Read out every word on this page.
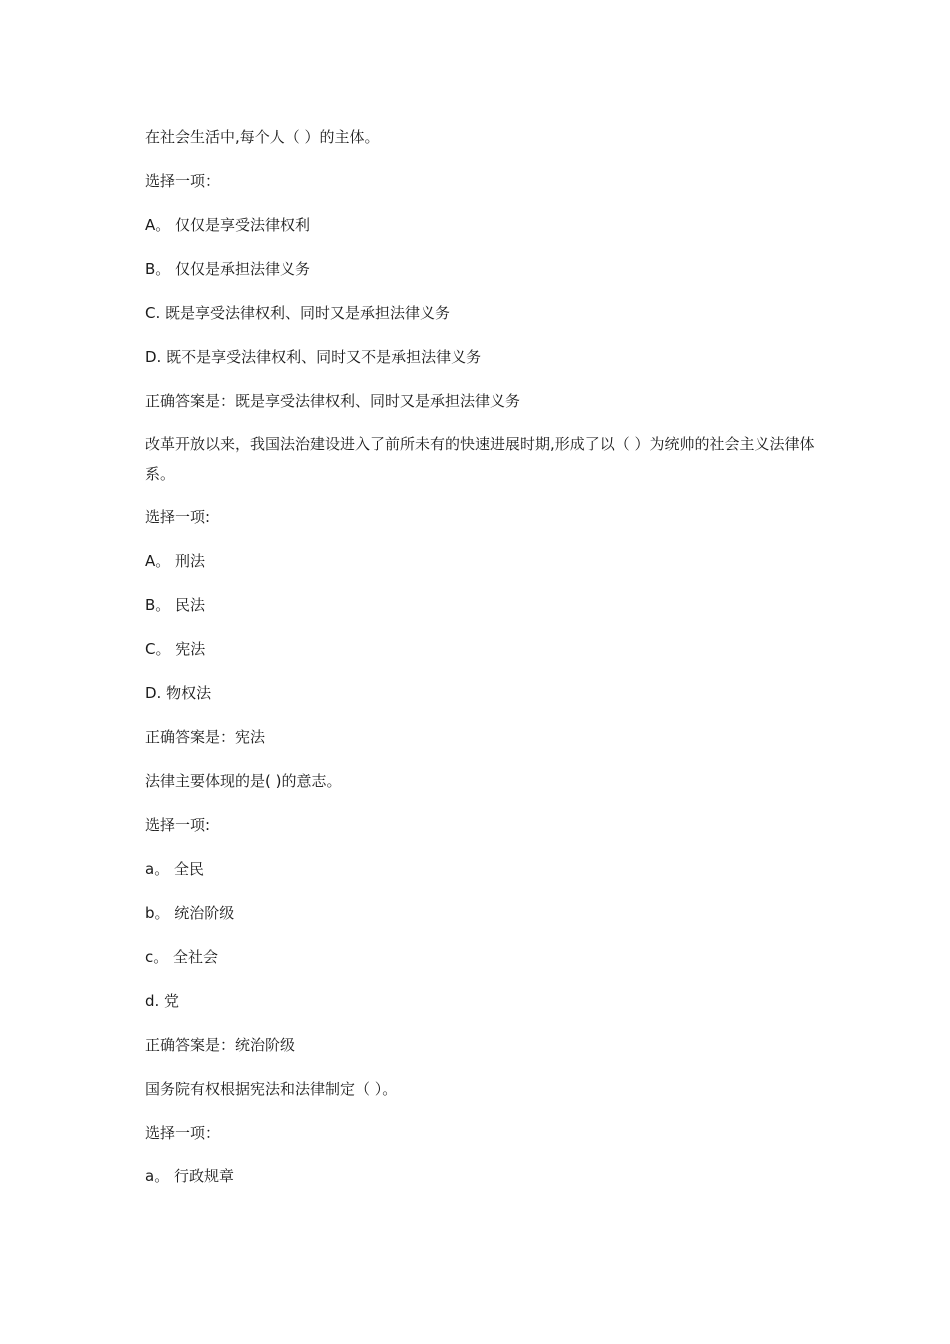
在社会生活中,每个人（ ）的主体。
选择一项：
A。 仅仅是享受法律权利
B。 仅仅是承担法律义务
C. 既是享受法律权利、同时又是承担法律义务
D. 既不是享受法律权利、同时又不是承担法律义务
正确答案是：既是享受法律权利、同时又是承担法律义务
改革开放以来，我国法治建设进入了前所未有的快速进展时期,形成了以（ ）为统帅的社会主义法律体系。
选择一项:
A。 刑法
B。 民法
C。 宪法
D. 物权法
正确答案是：宪法
法律主要体现的是( )的意志。
选择一项:
a。 全民
b。 统治阶级
c。 全社会
d. 党
正确答案是：统治阶级
国务院有权根据宪法和法律制定（ ）。
选择一项：
a。 行政规章
